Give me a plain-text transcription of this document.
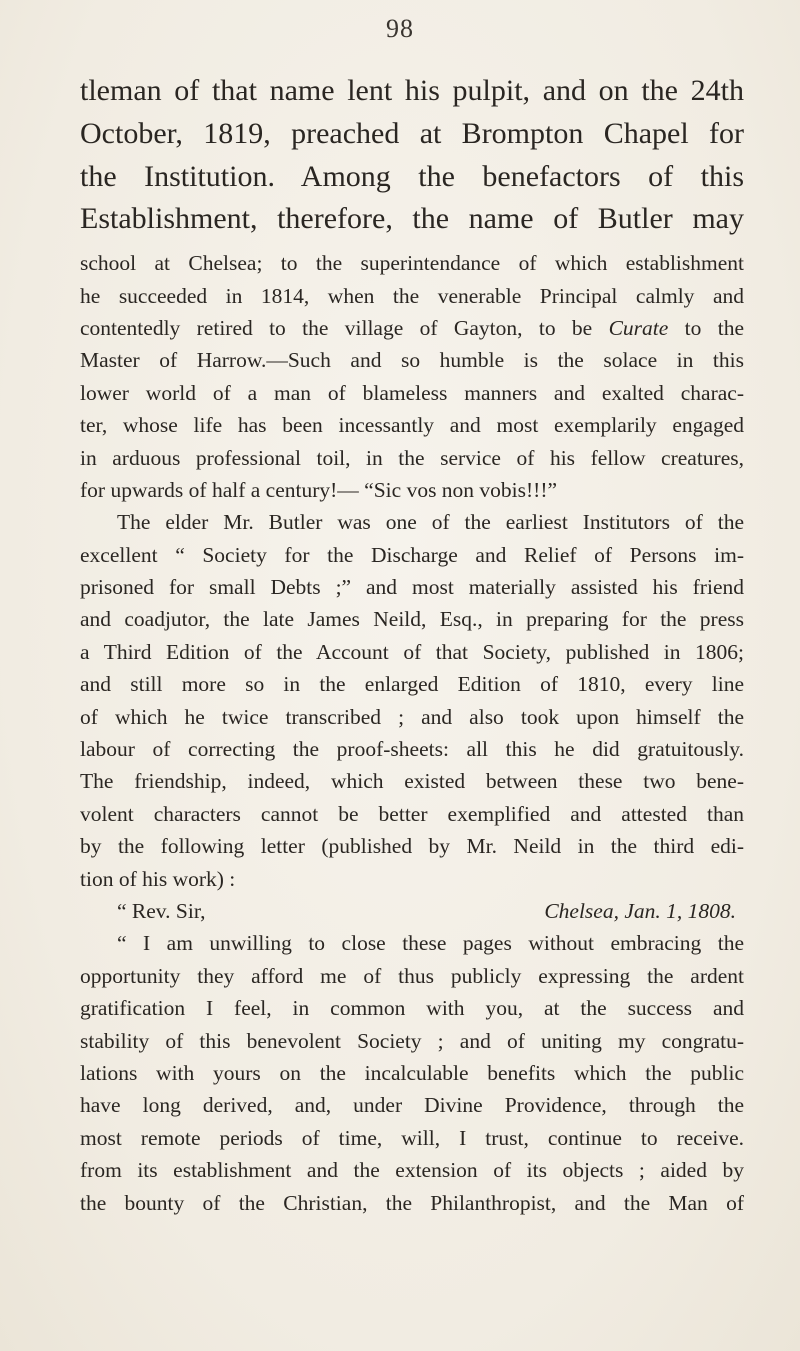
98

tleman of that name lent his pulpit, and on the 24th

October, 1819, preached at Brompton Chapel for

the Institution. Among the benefactors of this

Establishment, therefore, the name of Butler may

school at Chelsea; to the superintendance of which establishment

he succeeded in 1814, when the venerable Principal calmly and

contentedly retired to the village of Gayton, to be Curate to the

Master of Harrow.—Such and so humble is the solace in this

lower world of a man of blameless manners and exalted charac-

ter, whose life has been incessantly and most exemplarily engaged

in arduous professional toil, in the service of his fellow creatures,

for upwards of half a century!— “Sic vos non vobis!!!”

The elder Mr. Butler was one of the earliest Institutors of the

excellent “ Society for the Discharge and Relief of Persons im-

prisoned for small Debts ;” and most materially assisted his friend

and coadjutor, the late James Neild, Esq., in preparing for the press

a Third Edition of the Account of that Society, published in 1806;

and still more so in the enlarged Edition of 1810, every line

of which he twice transcribed ; and also took upon himself the

labour of correcting the proof-sheets: all this he did gratuitously.

The friendship, indeed, which existed between these two bene-

volent characters cannot be better exemplified and attested than

by the following letter (published by Mr. Neild in the third edi-

tion of his work) :

“ Rev. Sir,	Chelsea, Jan. 1, 1808.

“ I am unwilling to close these pages without embracing the

opportunity they afford me of thus publicly expressing the ardent

gratification I feel, in common with you, at the success and

stability of this benevolent Society ; and of uniting my congratu-

lations with yours on the incalculable benefits which the public

have long derived, and, under Divine Providence, through the

most remote periods of time, will, I trust, continue to receive.

from its establishment and the extension of its objects ; aided by

the bounty of the Christian, the Philanthropist, and the Man of
